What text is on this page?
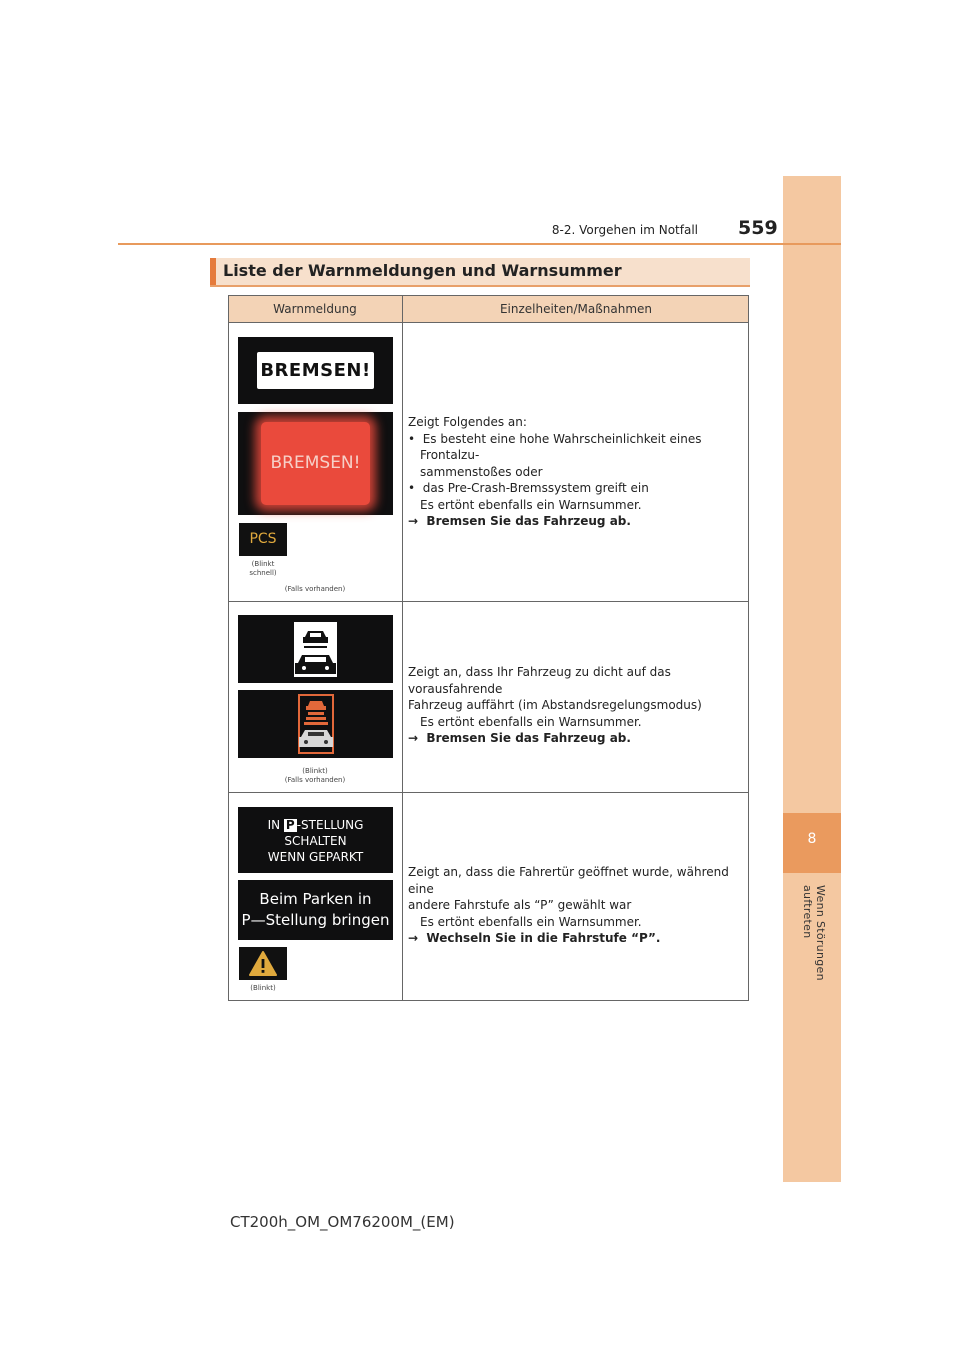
8
Wenn Störungen auftreten
8-2. Vorgehen im Notfall 559
Liste der Warnmeldungen und Warnsummer
Warnmeldung	Einzelheiten/Maßnahmen
BREMSEN!
BREMSEN!
PCS
(Blinkt
schnell)
(Falls vorhanden)

Zeigt Folgendes an:

• Es besteht eine hohe Wahrscheinlichkeit eines Frontalzu-

sammenstoßes oder

• das Pre-Crash-Bremssystem greift ein

Es ertönt ebenfalls ein Warnsummer.

→ Bremsen Sie das Fahrzeug ab.

(Blinkt)
(Falls vorhanden)

Zeigt an, dass Ihr Fahrzeug zu dicht auf das vorausfahrende

Fahrzeug auffährt (im Abstandsregelungsmodus)

Es ertönt ebenfalls ein Warnsummer.

→ Bremsen Sie das Fahrzeug ab.

IN P -STELLUNG
SCHALTEN
WENN GEPARKT
Beim Parken in
P—Stellung bringen
(Blinkt)

Zeigt an, dass die Fahrertür geöffnet wurde, während eine

andere Fahrstufe als “P” gewählt war

Es ertönt ebenfalls ein Warnsummer.

→ Wechseln Sie in die Fahrstufe “P”.

CT200h_OM_OM76200M_(EM)
